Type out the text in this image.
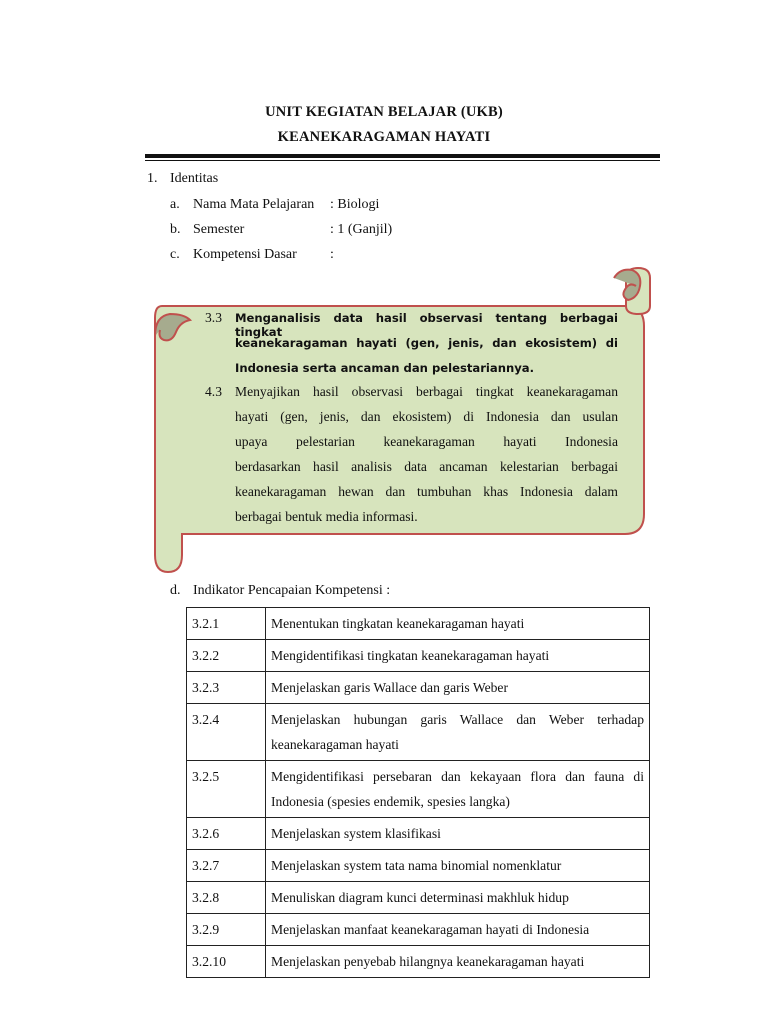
UNIT KEGIATAN BELAJAR (UKB)
KEANEKARAGAMAN HAYATI
1. Identitas
a. Nama Mata Pelajaran : Biologi
b. Semester	: 1 (Ganjil)
c. Kompetensi Dasar :
3.3 Menganalisis data hasil observasi tentang berbagai tingkat
keanekaragaman hayati (gen, jenis, dan ekosistem) di
Indonesia serta ancaman dan pelestariannya.
4.3 Menyajikan hasil observasi berbagai tingkat keanekaragaman
hayati (gen, jenis, dan ekosistem) di Indonesia dan usulan
upaya pelestarian keanekaragaman hayati Indonesia
berdasarkan hasil analisis data ancaman kelestarian berbagai
keanekaragaman hewan dan tumbuhan khas Indonesia dalam
berbagai bentuk media informasi.
d. Indikator Pencapaian Kompetensi :
3.2.1	Menentukan tingkatan keanekaragaman hayati
3.2.2	Mengidentifikasi tingkatan keanekaragaman hayati
3.2.3	Menjelaskan garis Wallace dan garis Weber
3.2.4	Menjelaskan hubungan garis Wallace dan Weber terhadap keanekaragaman hayati
3.2.5	Mengidentifikasi persebaran dan kekayaan flora dan fauna di Indonesia (spesies endemik, spesies langka)
3.2.6	Menjelaskan system klasifikasi
3.2.7	Menjelaskan system tata nama binomial nomenklatur
3.2.8	Menuliskan diagram kunci determinasi makhluk hidup
3.2.9	Menjelaskan manfaat keanekaragaman hayati di Indonesia
3.2.10	Menjelaskan penyebab hilangnya keanekaragaman hayati
